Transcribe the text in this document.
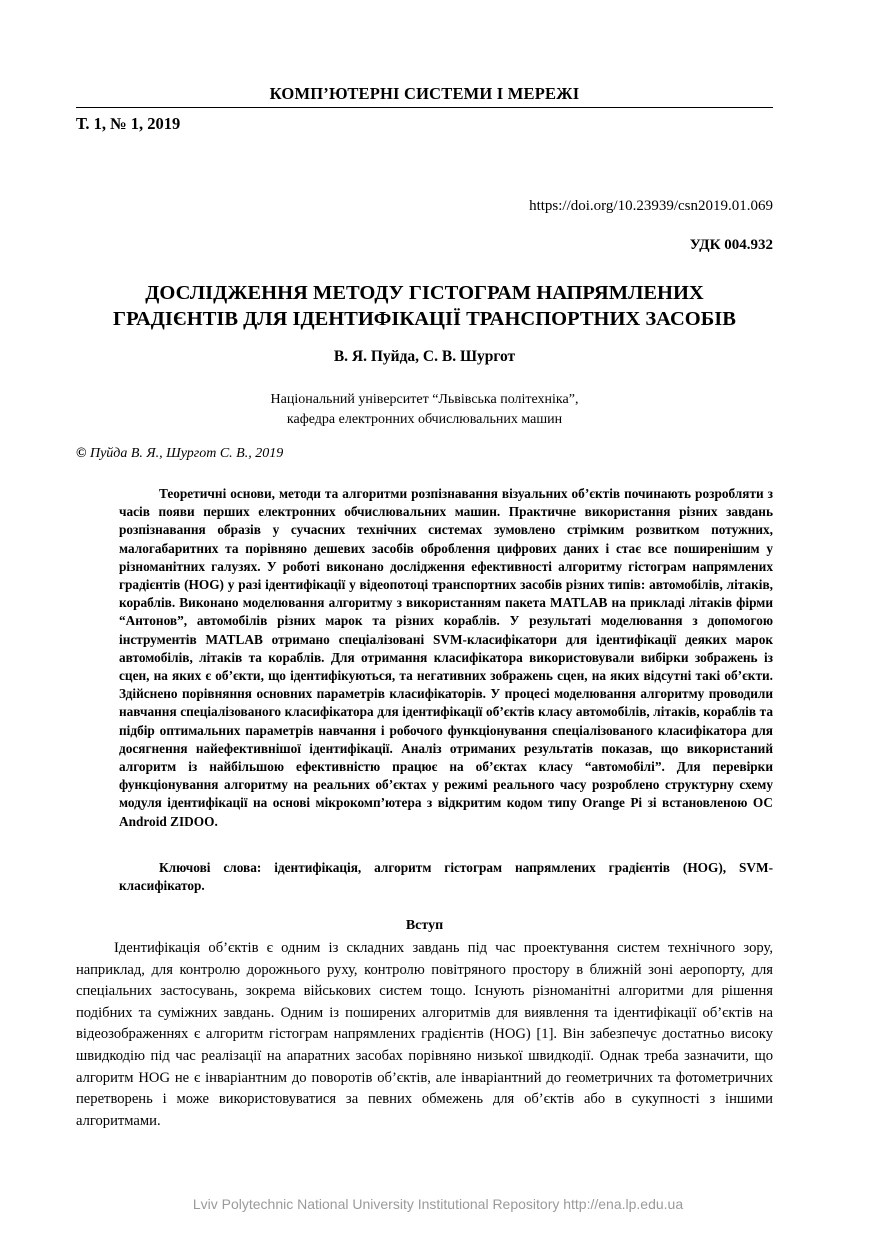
КОМП’ЮТЕРНІ СИСТЕМИ І МЕРЕЖІ
Т. 1, № 1, 2019
https://doi.org/10.23939/csn2019.01.069
УДК 004.932
ДОСЛІДЖЕННЯ МЕТОДУ ГІСТОГРАМ НАПРЯМЛЕНИХ
ГРАДІЄНТІВ ДЛЯ ІДЕНТИФІКАЦІЇ ТРАНСПОРТНИХ ЗАСОБІВ
В. Я. Пуйда, С. В. Шургот
Національний університет “Львівська політехніка”,
кафедра електронних обчислювальних машин
© Пуйда В. Я., Шургот С. В., 2019

Теоретичні основи, методи та алгоритми розпізнавання візуальних об’єктів починають розробляти з часів появи перших електронних обчислювальних машин. Практичне використання різних завдань розпізнавання образів у сучасних технічних системах зумовлено стрімким розвитком потужних, малогабаритних та порівняно дешевих засобів оброблення цифрових даних і стає все поширенішим у різноманітних галузях. У роботі виконано дослідження ефективності алгоритму гістограм напрямлених градієнтів (HOG) у разі ідентифікації у відеопотоці транспортних засобів різних типів: автомобілів, літаків, кораблів. Виконано моделювання алгоритму з використанням пакета MATLAB на прикладі літаків фірми “Антонов”, автомобілів різних марок та різних кораблів. У результаті моделювання з допомогою інструментів MATLAB отримано спеціалізовані SVM-класифікатори для ідентифікації деяких марок автомобілів, літаків та кораблів. Для отримання класифікатора використовували вибірки зображень із сцен, на яких є об’єкти, що ідентифікуються, та негативних зображень сцен, на яких відсутні такі об’єкти. Здійснено порівняння основних параметрів класифікаторів. У процесі моделювання алгоритму проводили навчання спеціалізованого класифікатора для ідентифікації об’єктів класу автомобілів, літаків, кораблів та підбір оптимальних параметрів навчання і робочого функціонування спеціалізованого класифікатора для досягнення найефективнішої ідентифікації. Аналіз отриманих результатів показав, що використаний алгоритм із найбільшою ефективністю працює на об’єктах класу “автомобілі”. Для перевірки функціонування алгоритму на реальних об’єктах у режимі реального часу розроблено структурну схему модуля ідентифікації на основі мікрокомп’ютера з відкритим кодом типу Orange Pi зі встановленою ОС Android ZIDOO.

Ключові слова: ідентифікація, алгоритм гістограм напрямлених градієнтів (HOG), SVM-класифікатор.

Вступ

Ідентифікація об’єктів є одним із складних завдань під час проектування систем технічного зору, наприклад, для контролю дорожнього руху, контролю повітряного простору в ближній зоні аеропорту, для спеціальних застосувань, зокрема військових систем тощо. Існують різноманітні алгоритми для рішення подібних та суміжних завдань. Одним із поширених алгоритмів для виявлення та ідентифікації об’єктів на відеозображеннях є алгоритм гістограм напрямлених градієнтів (HOG) [1]. Він забезпечує достатньо високу швидкодію під час реалізації на апаратних засобах порівняно низької швидкодії. Однак треба зазначити, що алгоритм HOG не є інваріантним до поворотів об’єктів, але інваріантний до геометричних та фотометричних перетворень і може використовуватися за певних обмежень для об’єктів або в сукупності з іншими алгоритмами.

Lviv Polytechnic National University Institutional Repository http://ena.lp.edu.ua
